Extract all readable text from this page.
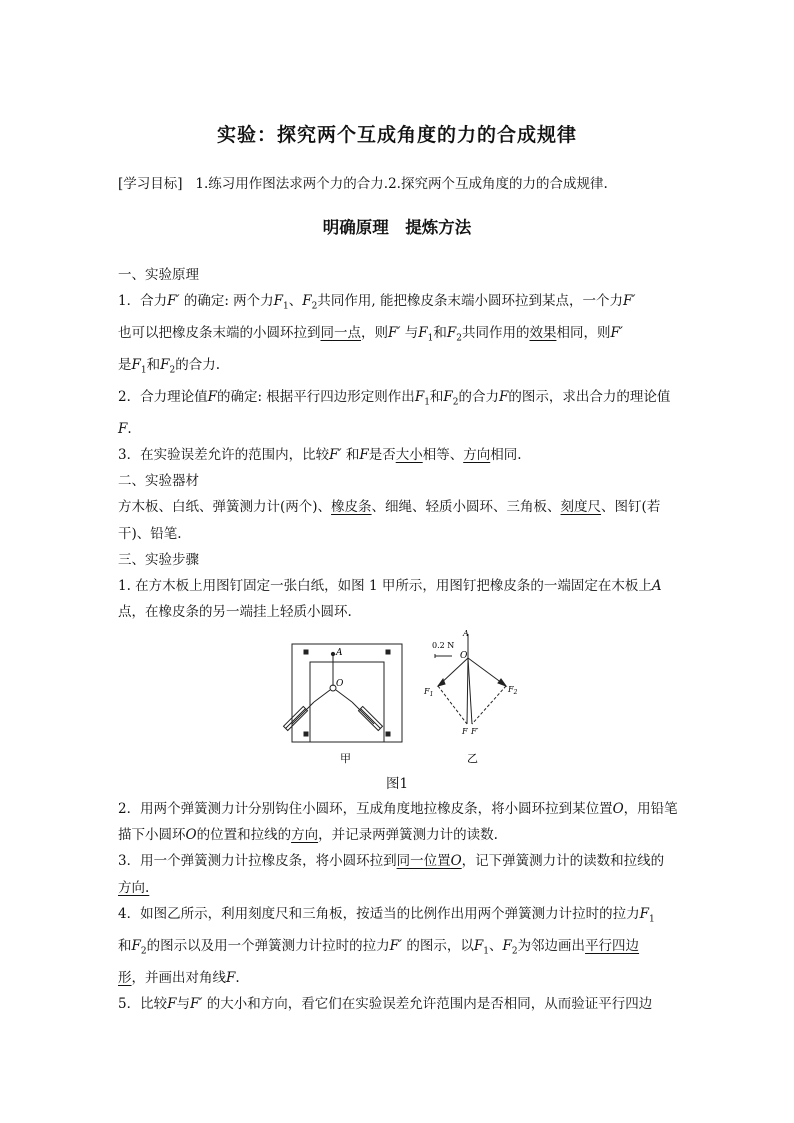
实验：探究两个互成角度的力的合成规律
[学习目标] 1.练习用作图法求两个力的合力.2.探究两个互成角度的力的合成规律.
明确原理　提炼方法

一、实验原理

1．合力F′ 的确定: 两个力$F_1$、$F_2$共同作用, 能把橡皮条末端小圆环拉到某点，一个力F′
也可以把橡皮条末端的小圆环拉到同一点，则F′ 与$F_1$和$F_2$共同作用的效果相同，则F′
是$F_1$和$F_2$的合力.

2．合力理论值F的确定: 根据平行四边形定则作出$F_1$和$F_2$的合力F的图示，求出合力的理论值F.

3．在实验误差允许的范围内，比较F′ 和F是否大小相等、方向相同.

二、实验器材

方木板、白纸、弹簧测力计(两个)、橡皮条、细绳、轻质小圆环、三角板、刻度尺、图钉(若干)、铅笔.

三、实验步骤

1. 在方木板上用图钉固定一张白纸，如图 1 甲所示，用图钉把橡皮条的一端固定在木板上A
点，在橡皮条的另一端挂上轻质小圆环.

A
O
甲
0.2 N
A
O
$F_1$
$F_2$
F F′
乙
图1

2．用两个弹簧测力计分别钩住小圆环，互成角度地拉橡皮条，将小圆环拉到某位置O，用铅笔描下小圆环O的位置和拉线的方向，并记录两弹簧测力计的读数.

3．用一个弹簧测力计拉橡皮条，将小圆环拉到同一位置O，记下弹簧测力计的读数和拉线的
方向.

4．如图乙所示，利用刻度尺和三角板，按适当的比例作出用两个弹簧测力计拉时的拉力$F_1$
和$F_2$的图示以及用一个弹簧测力计拉时的拉力F′ 的图示，以$F_1$、$F_2$为邻边画出平行四边
形，并画出对角线F.

5．比较F与F′ 的大小和方向，看它们在实验误差允许范围内是否相同，从而验证平行四边
